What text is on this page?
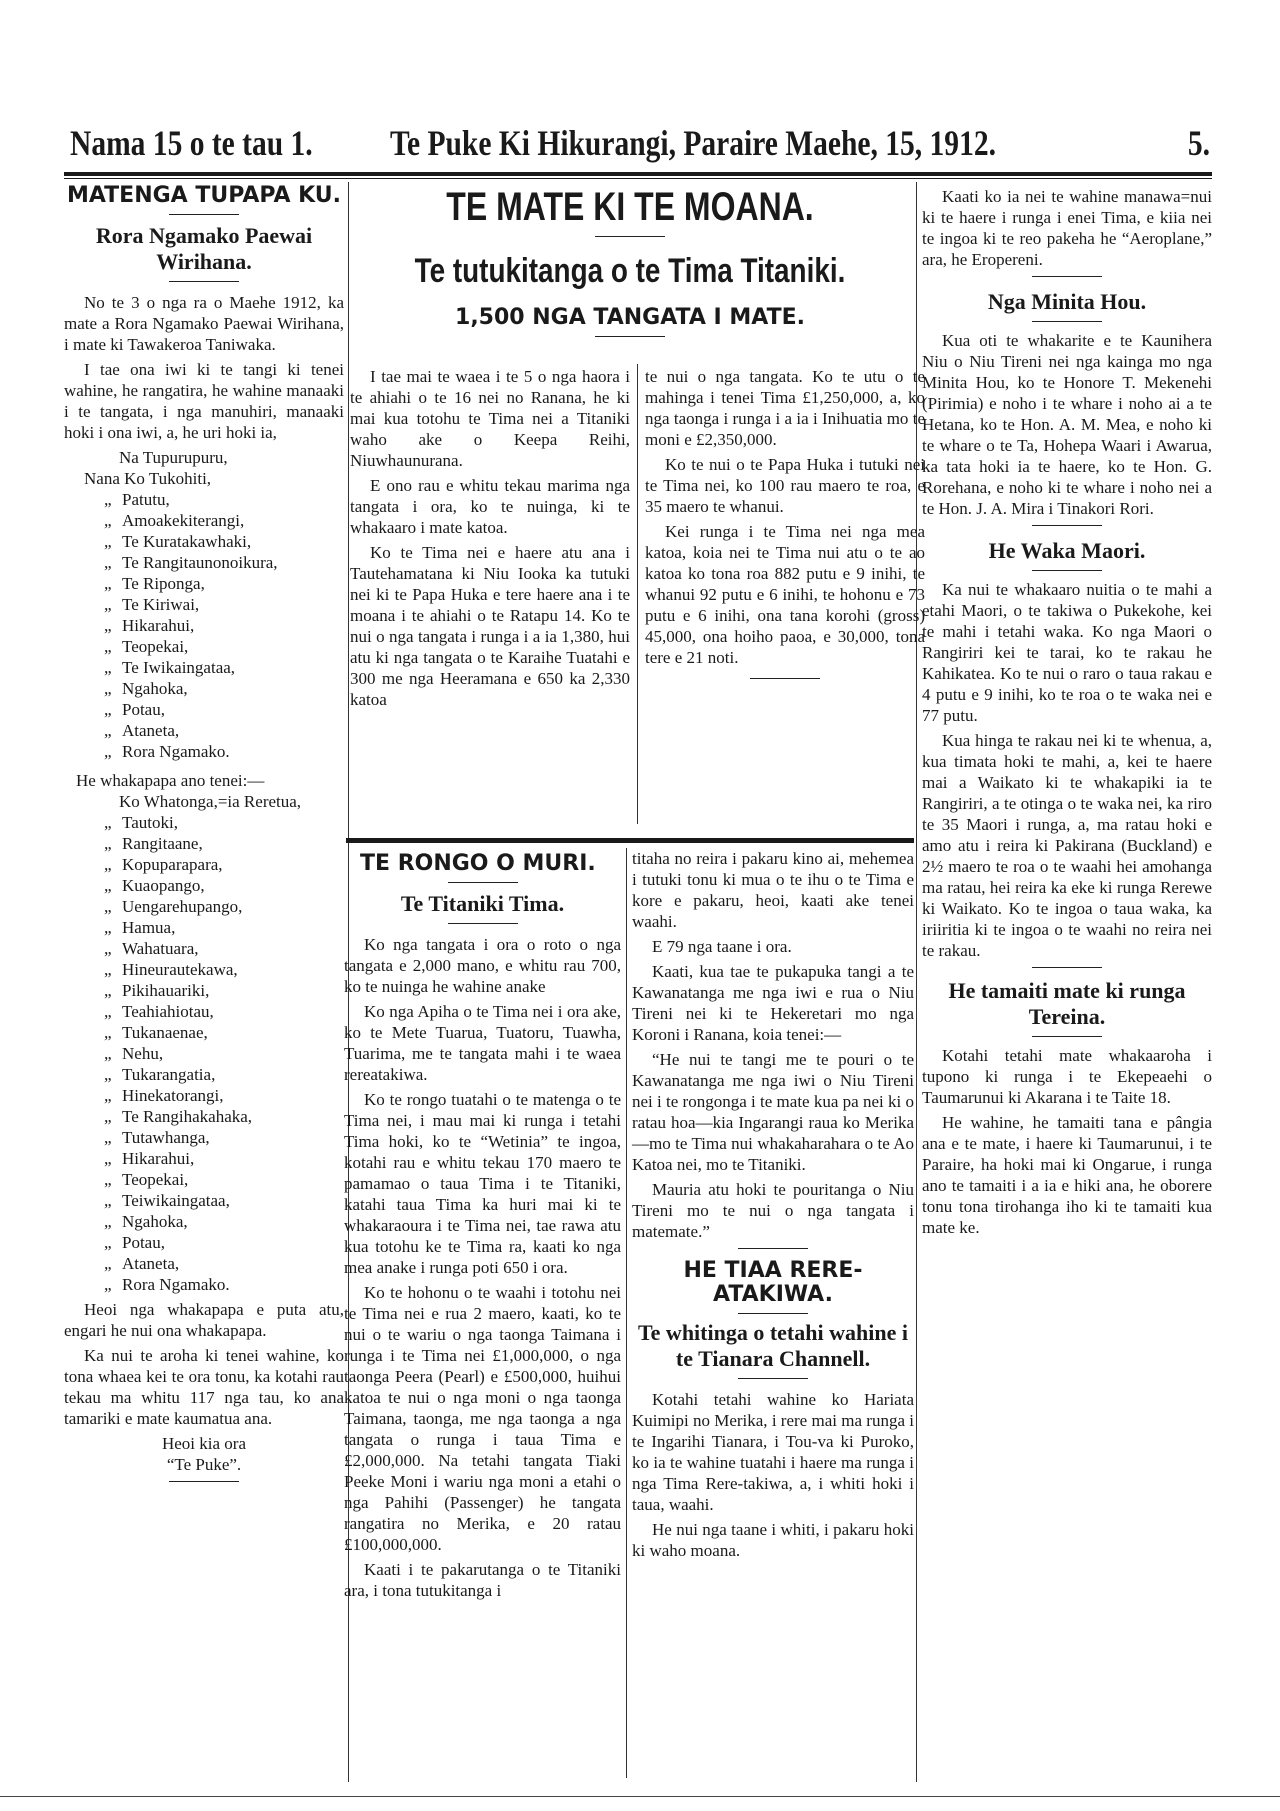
Nama 15 o te tau 1. Te Puke Ki Hikurangi, Paraire Maehe, 15, 1912.	5.
MATENGA TUPAPA KU.
Rora Ngamako Paewai Wirihana.

No te 3 o nga ra o Maehe 1912, ka mate a Rora Ngamako Paewai Wirihana, i mate ki Tawakeroa Taniwaka.

I tae ona iwi ki te tangi ki tenei wahine, he rangatira, he wahine manaaki i te tangata, i nga manuhiri, manaaki hoki i ona iwi, a, he uri hoki ia,

Na Tupurupuru,
Nana Ko Tukohiti,
„ Patutu,
„ Amoakekiterangi,
„ Te Kuratakawhaki,
„ Te Rangitaunonoikura,
„ Te Riponga,
„ Te Kiriwai,
„ Hikarahui,
„ Teopekai,
„ Te Iwikaingataa,
„ Ngahoka,
„ Potau,
„ Ataneta,
„ Rora Ngamako.
He whakapapa ano tenei:—
Ko Whatonga,=ia Reretua,
„ Tautoki,
„ Rangitaane,
„ Kopuparapara,
„ Kuaopango,
„ Uengarehupango,
„ Hamua,
„ Wahatuara,
„ Hineurautekawa,
„ Pikihauariki,
„ Teahiahiotau,
„ Tukanaenae,
„ Nehu,
„ Tukarangatia,
„ Hinekatorangi,
„ Te Rangihakahaka,
„ Tutawhanga,
„ Hikarahui,
„ Teopekai,
„ Teiwikaingataa,
„ Ngahoka,
„ Potau,
„ Ataneta,
„ Rora Ngamako.

Heoi nga whakapapa e puta atu, engari he nui ona whakapapa.

Ka nui te aroha ki tenei wahine, ko tona whaea kei te ora tonu, ka kotahi rau tekau ma whitu 117 nga tau, ko ana tamariki e mate kaumatua ana.

Heoi kia ora
“Te Puke”.
TE MATE KI TE MOANA.
Te tutukitanga o te Tima Titaniki.
1,500 NGA TANGATA I MATE.

I tae mai te waea i te 5 o nga haora i te ahiahi o te 16 nei no Ranana, he ki mai kua totohu te Tima nei a Titaniki waho ake o Keepa Reihi, Niuwhaunurana.

E ono rau e whitu tekau marima nga tangata i ora, ko te nuinga, ki te whakaaro i mate katoa.

Ko te Tima nei e haere atu ana i Tautehamatana ki Niu Iooka ka tutuki nei ki te Papa Huka e tere haere ana i te moana i te ahiahi o te Ratapu 14. Ko te nui o nga tangata i runga i a ia 1,380, hui atu ki nga tangata o te Karaihe Tuatahi e 300 me nga Heeramana e 650 ka 2,330 katoa

te nui o nga tangata. Ko te utu o te mahinga i tenei Tima £1,250,000, a, ko nga taonga i runga i a ia i Inihuatia mo te moni e £2,350,000.

Ko te nui o te Papa Huka i tutuki nei te Tima nei, ko 100 rau maero te roa, e 35 maero te whanui.

Kei runga i te Tima nei nga mea katoa, koia nei te Tima nui atu o te ao katoa ko tona roa 882 putu e 9 inihi, te whanui 92 putu e 6 inihi, te hohonu e 73 putu e 6 inihi, ona tana korohi (gross) 45,000, ona hoiho paoa, e 30,000, tona tere e 21 noti.

TE RONGO O MURI.
Te Titaniki Tima.

Ko nga tangata i ora o roto o nga tangata e 2,000 mano, e whitu rau 700, ko te nuinga he wahine anake

Ko nga Apiha o te Tima nei i ora ake, ko te Mete Tuarua, Tuatoru, Tuawha, Tuarima, me te tangata mahi i te waea rereatakiwa.

Ko te rongo tuatahi o te matenga o te Tima nei, i mau mai ki runga i tetahi Tima hoki, ko te “Wetinia” te ingoa, kotahi rau e whitu tekau 170 maero te pamamao o taua Tima i te Titaniki, katahi taua Tima ka huri mai ki te whakaraoura i te Tima nei, tae rawa atu kua totohu ke te Tima ra, kaati ko nga mea anake i runga poti 650 i ora.

Ko te hohonu o te waahi i totohu nei te Tima nei e rua 2 maero, kaati, ko te nui o te wariu o nga taonga Taimana i runga i te Tima nei £1,000,000, o nga taonga Peera (Pearl) e £500,000, huihui katoa te nui o nga moni o nga taonga Taimana, taonga, me nga taonga a nga tangata o runga i taua Tima e £2,000,000. Na tetahi tangata Tiaki Peeke Moni i wariu nga moni a etahi o nga Pahihi (Passenger) he tangata rangatira no Merika, e 20 ratau £100,000,000.

Kaati i te pakarutanga o te Titaniki ara, i tona tutukitanga i

titaha no reira i pakaru kino ai, mehemea i tutuki tonu ki mua o te ihu o te Tima e kore e pakaru, heoi, kaati ake tenei waahi.

E 79 nga taane i ora.

Kaati, kua tae te pukapuka tangi a te Kawanatanga me nga iwi e rua o Niu Tireni nei ki te Hekeretari mo nga Koroni i Ranana, koia tenei:—

“He nui te tangi me te pouri o te Kawanatanga me nga iwi o Niu Tireni nei i te rongonga i te mate kua pa nei ki o ratau hoa—kia Ingarangi raua ko Merika—mo te Tima nui whakaharahara o te Ao Katoa nei, mo te Titaniki.

Mauria atu hoki te pouritanga o Niu Tireni mo te nui o nga tangata i matemate.”

HE TIAA RERE-ATAKIWA.
Te whitinga o tetahi wahine i te Tianara Channell.

Kotahi tetahi wahine ko Hariata Kuimipi no Merika, i rere mai ma runga i te Ingarihi Tianara, i Tou-va ki Puroko, ko ia te wahine tuatahi i haere ma runga i nga Tima Rere-takiwa, a, i whiti hoki i taua, waahi.

He nui nga taane i whiti, i pakaru hoki ki waho moana.

Kaati ko ia nei te wahine manawa=nui ki te haere i runga i enei Tima, e kiia nei te ingoa ki te reo pakeha he “Aeroplane,” ara, he Eropereni.

Nga Minita Hou.

Kua oti te whakarite e te Kaunihera Niu o Niu Tireni nei nga kainga mo nga Minita Hou, ko te Honore T. Mekenehi (Pirimia) e noho i te whare i noho ai a te Hetana, ko te Hon. A. M. Mea, e noho ki te whare o te Ta, Hohepa Waari i Awarua, ka tata hoki ia te haere, ko te Hon. G. Rorehana, e noho ki te whare i noho nei a te Hon. J. A. Mira i Tinakori Rori.

He Waka Maori.

Ka nui te whakaaro nuitia o te mahi a etahi Maori, o te takiwa o Pukekohe, kei te mahi i tetahi waka. Ko nga Maori o Rangiriri kei te tarai, ko te rakau he Kahikatea. Ko te nui o raro o taua rakau e 4 putu e 9 inihi, ko te roa o te waka nei e 77 putu.

Kua hinga te rakau nei ki te whenua, a, kua timata hoki te mahi, a, kei te haere mai a Waikato ki te whakapiki ia te Rangiriri, a te otinga o te waka nei, ka riro te 35 Maori i runga, a, ma ratau hoki e amo atu i reira ki Pakirana (Buckland) e 2½ maero te roa o te waahi hei amohanga ma ratau, hei reira ka eke ki runga Rerewe ki Waikato. Ko te ingoa o taua waka, ka iriiritia ki te ingoa o te waahi no reira nei te rakau.

He tamaiti mate ki runga Tereina.

Kotahi tetahi mate whakaaroha i tupono ki runga i te Ekepeaehi o Taumarunui ki Akarana i te Taite 18.

He wahine, he tamaiti tana e pângia ana e te mate, i haere ki Taumarunui, i te Paraire, ha hoki mai ki Ongarue, i runga ano te tamaiti i a ia e hiki ana, he oborere tonu tona tirohanga iho ki te tamaiti kua mate ke.
